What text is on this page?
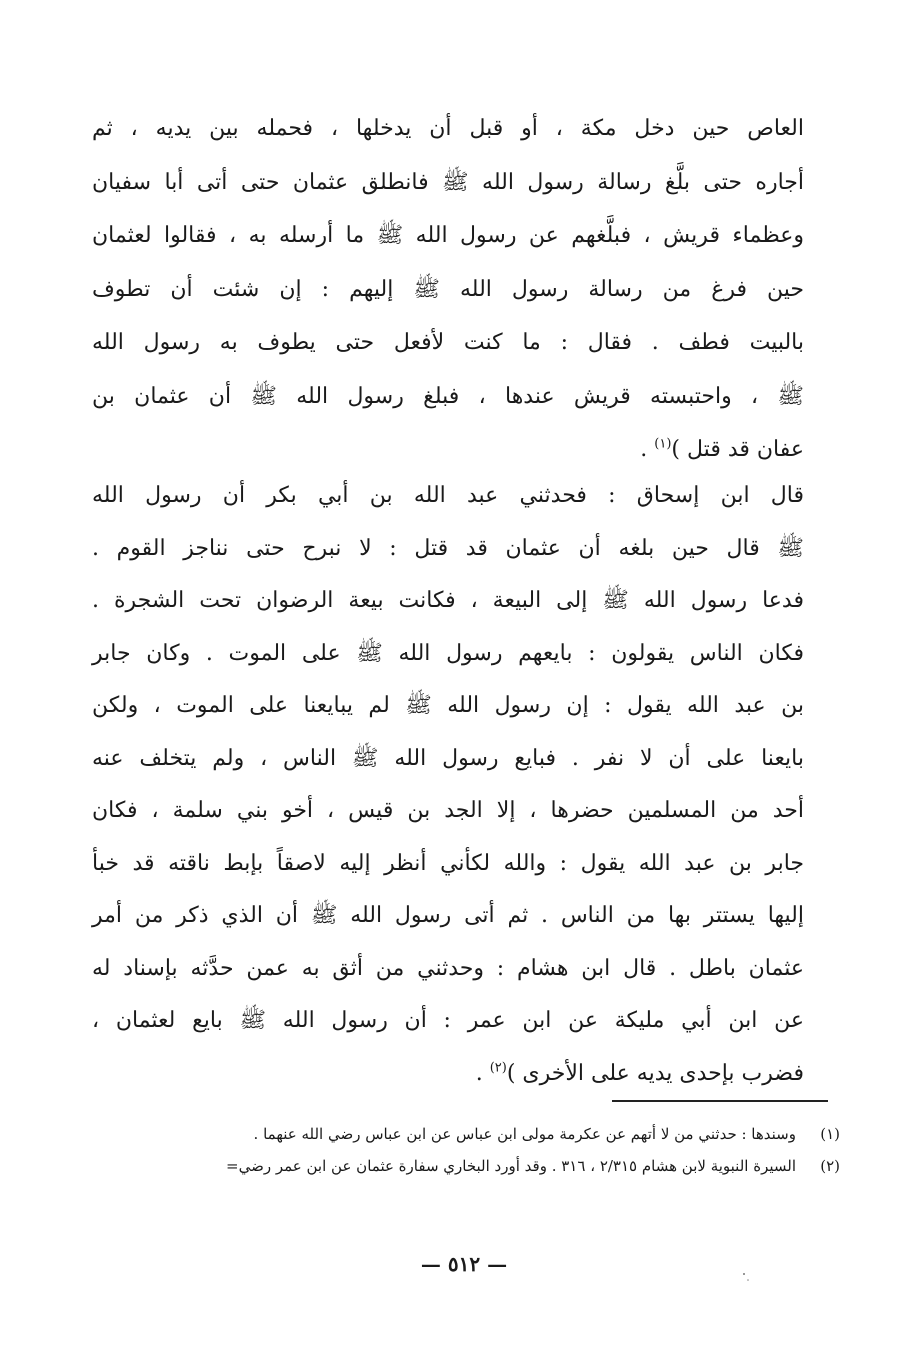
العاص حين دخل مكة ، أو قبل أن يدخلها ، فحمله بين يديه ، ثم
أجاره حتى بلَّغ رسالة رسول الله ﷺ فانطلق عثمان حتى أتى أبا سفيان
وعظماء قريش ، فبلَّغهم عن رسول الله ﷺ ما أرسله به ، فقالوا لعثمان
حين فرغ من رسالة رسول الله ﷺ إليهم : إن شئت أن تطوف
بالبيت فطف . فقال : ما كنت لأفعل حتى يطوف به رسول الله
ﷺ ، واحتبسته قريش عندها ، فبلغ رسول الله ﷺ أن عثمان بن
عفان قد قتل )$^{(١)}$ .
قال ابن إسحاق : فحدثني عبد الله بن أبي بكر أن رسول الله
ﷺ قال حين بلغه أن عثمان قد قتل : لا نبرح حتى نناجز القوم .
فدعا رسول الله ﷺ إلى البيعة ، فكانت بيعة الرضوان تحت الشجرة .
فكان الناس يقولون : بايعهم رسول الله ﷺ على الموت . وكان جابر
بن عبد الله يقول : إن رسول الله ﷺ لم يبايعنا على الموت ، ولكن
بايعنا على أن لا نفر . فبايع رسول الله ﷺ الناس ، ولم يتخلف عنه
أحد من المسلمين حضرها ، إلا الجد بن قيس ، أخو بني سلمة ، فكان
جابر بن عبد الله يقول : والله لكأني أنظر إليه لاصقاً بإبط ناقته قد خبأ
إليها يستتر بها من الناس . ثم أتى رسول الله ﷺ أن الذي ذكر من أمر
عثمان باطل . قال ابن هشام : وحدثني من أثق به عمن حدَّثه بإسناد له
عن ابن أبي مليكة عن ابن عمر : أن رسول الله ﷺ بايع لعثمان ،
فضرب بإحدى يديه على الأخرى )$^{(٢)}$ .
(١)وسندها : حدثني من لا أتهم عن عكرمة مولى ابن عباس عن ابن عباس رضي الله عنهما .
(٢)السيرة النبوية لابن هشام ٢/٣١٥ ، ٣١٦ . وقد أورد البخاري سفارة عثمان عن ابن عمر رضي=
— ٥١٢ —
